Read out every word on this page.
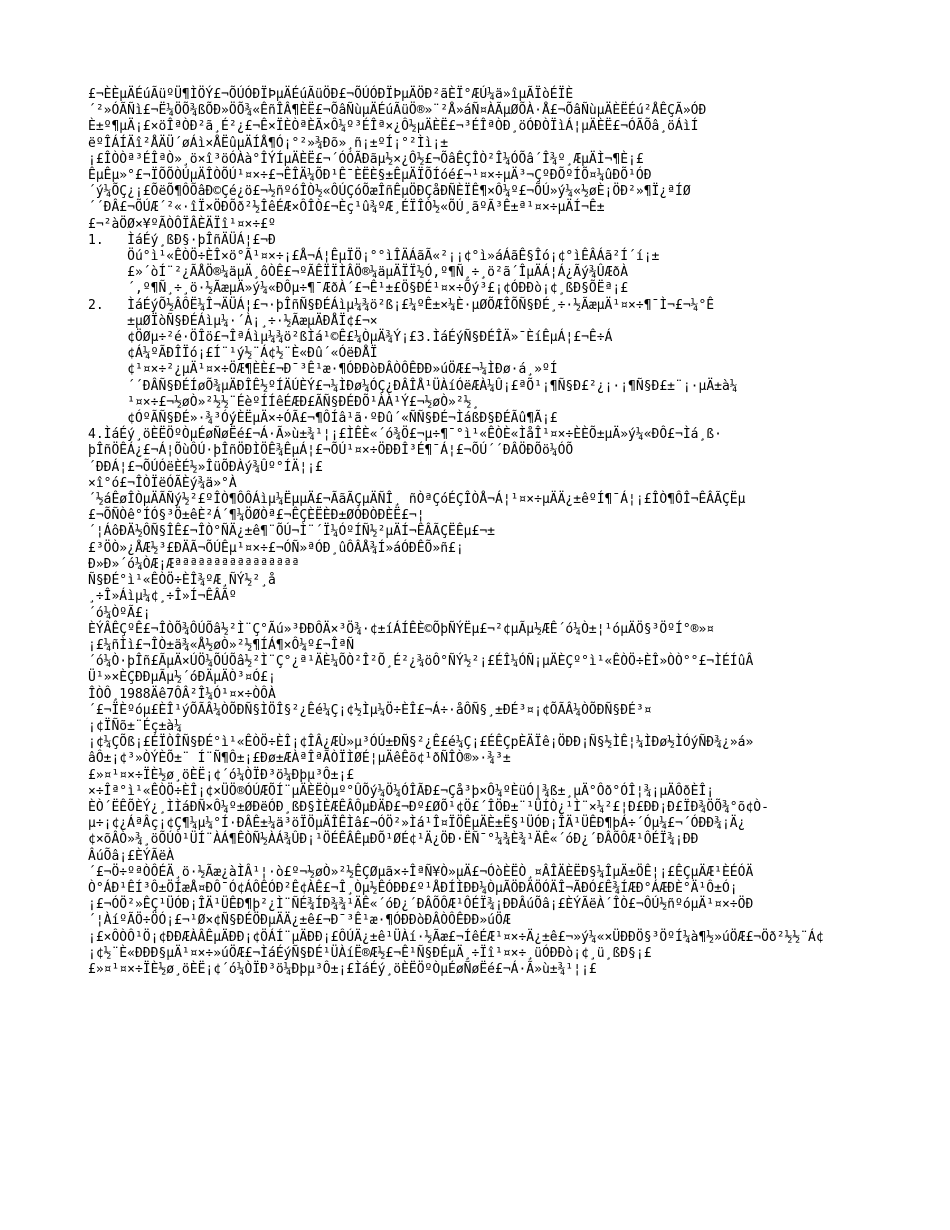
£¬ÈÈµÄÉúÃüºÜ¶ÌÖÝ£¬ÕÚÓÐÏÞµÄÉúÃüÖÐ£¬ÕÚÓÐÏÞµÄÖÐ²ãÈÏ°ÆÚ¼ä»îµÃÏòÉÏÈ
´²»ÓÃÑì£¬Ë¼ÖÕ¾ßÕÐ»ÖÕ¾«ÊñÎÂ¶ÈË£¬ÕâÑùµÄÉúÃüÖ®»¨²Å»áÑ¤ÀÃµØÕÀ·Å£¬ÕâÑùµÄÈËÉú²ÅÊÇÃ»ÓÐ
È±º¶µÄ¡£×öÎªÒÐ²ã¸É²¿£¬Ê×ÏÈÒªÈÃ×Ô¼º³ÉÎª×¿Ô½µÄÈË£¬³ÉÎªÒÐ¸öÓÐÒÏìÁ¦µÄÈË£¬ÓÃÕâ¸öÁìÍ
ëºÎÁÍÄî²ÅÄÜ´øÁì×ÅËûµÄÍÅ¶Ó¡°²»¾Ðõ»¸ñ¡±ºÍ¡°²Ìì¡±
¡£ÎÒÒª³ÉÎªÒ»¸ö×î³öÓÀà°ÎÝÍµÄÈË£¬´ÓÓÃÐãµ½×¿Ô½£¬ÕâÊÇÎÒ²Î¼ÓÕâ´Î¾º¸ÆµÄÌ¬¶È¡£
ÊµÊµ»°£¬ÏÕÕÒÚµÄÎÒÕÚ¹¤×÷£¬ÊÎÄ¼ÕÐ¹Ê¯ÈËÈ§±ÊµÄÏÕÍóé£¬¹¤×÷µÄ³¬ÇºÐÕºÍÕ¤¼ûÐÕ¹ÓÐ
´ý¼ÕÇ¿¡£ÕëÕ¶ÔÕâÐ©Çé¿ö£¬½ñºóÎÒ½«ÔÚÇóÕæÎñÊµÖÐÇåÐÑÈÏÊ¶×Ô¼º£¬ÕÚ»ý¼«½øÈ¡ÖÐ²»¶Ï¿ªÍØ
´´ÐÂ£¬ÕÚÆ´²«·îÏ×ÖÐÕð²½ÎêÉÆ×ÔÎÒ£¬Èç¹û¾ºÆ¸ÉÏÎÒ½«ÕÚ¸ãºÃ³Ê±ª¹¤×÷µÄÍ¬Ê±
£¬²àÖØ×¥ºÃÒÔÏÂÈÄÏî¹¤×÷£º
1.   ÌáÉý¸ßÐ§·þÎñÄÜÁ¦£¬Ð
Öú°ì¹«ÊÒÖ÷ÈÎ×ö°Ã¹¤×÷¡£Å¬Á¦ÊµÏÖ¡°°ìÎÄÁãÃ«²¡¡¢°ì»áÁãÊ§Îó¡¢°ìÊÂÁã²Í´í¡±
£»´òÍ¨²¿ÃÅÖ®¼äµÄ¸ôÒÊ£¬ºÃÊÏÏÌÂÖ®¼äµÄÏÏ½Ó,º¶Ñ¸÷¸ö²ã´ÎµÄÁ¦Á¿Ãý¾ÛÆðÀ
´,º¶Ñ¸÷¸ö·½ÃæµÄ»ý¼«ÐÔµ÷¶¯ÆðÀ´£¬Ê¹±£Ö§ÐÉ¹¤×÷Õý³£¡¢ÓÐÐò¡¢¸ßÐ§ÕËª¡£
2.   ÌáÉýÕ½ÂÔË¼Î¬ÄÜÁ¦£¬·þÎñÑ§ÐÉÁìµ¼¾ö²ß¡£¼ºÊ±×¼È·µØÕÆÎÕÑ§ÐÉ¸÷·½ÃæµÄ¹¤×÷¶¯Ì¬£¬¼°Ê
±µØÏòÑ§ÐÉÁìµ¼·´À¡¸÷·½ÃæµÄÐÅÏ¢£¬×
¢ÖØµ÷²é·ÖÎö£¬ÎªÁìµ¼¾ö²ßÌá¹©Ê£¼ÒµÄ¾Ý¡£3.ÌáÉýÑ§ÐÉÎÄ»¯ÈíÊµÁ¦£¬Ê÷Á
¢Á¼ºÃÐÎÏó¡£Í¨¹ý½¨Á¢½¨È«Ðû´«ÓëÐÅÏ
¢¹¤×÷²¿µÄ¹¤×÷ÖÆ¶ÈÈ£¬Ð¯³Ê¹æ·¶ÓÐÐòÐÂÒÔÊÐÐ»úÖÆ£¬¼ÌÐø·á¸»ºÍ
´´ÐÂÑ§ÐÉÍøÕ¾µÄÐÎÊ½ºÍÄÚÈÝ£¬¼ÌÐø¼ÓÇ¿ÐÂÎÅ¹ÜÀíÓëÆÀ¼Û¡£ªÕ¹¡¶Ñ§Ð£²¿¡·¡¶Ñ§Ð£±¨¡·µÄ±à¼
¹¤×÷£¬½øÒ»²½½¨ÉèºÍÍêÉÆÐ£ÃÑ§ÐÉÐÕ¹ÀÀ¹Ý£¬½øÒ»²½¸
¢ÓºÃÑ§ÐÉ»·¾³ÓýÈËµÄ×÷ÓÃ£¬¶ÔÍâ¹ã·ºÐû´«ÑÑ§ÐÉ¬ÌáßÐ§ÐÉÃû¶Ã¡£
4.ÌáÉý¸öÈËÖºÒµÉøÑøËé£¬Á·Ã»ù±¾¹¦¡£ÌÊÈ«´ó¾Ö£¬µ÷¶¯°ì¹«ÊÒÈ«ÌåÎ¹¤×÷ÈÈÕ±µÄ»ý¼«ÐÔ£¬Ìá¸ß·
þÎñÖÊÁ¿£¬Á¦ÕùÔÚ·þÎñÖÐÌÖÊ¾ÊµÁ¦£¬ÕÚ¹¤×÷ÖÐÐÎ³É¶¯Á¦£¬ÕÚ´´ÐÂÖÐÕö¼ÓÕ
´ÐÐÁ¦£¬ÕÚÓëÈÉ½»ÎüÕÐÀý¾Ûº°ÍÄ¦¡£
×î°ó£¬ÎÒÏëÓÃÈý¾ä»°À
´½áÊøÎÒµÄÃÑý½²£ºÎÒ¶ÔÔÁìµ¼ËµµÄ£¬ÃãÃÇµÄÑÎ¸ ñÒªÇóÉÇÎÒÅ¬Á¦¹¤×÷µÄÄ¿±êºÍ¶¯Á¦¡£ÎÒ¶ÔÎ¬ÊÂÃÇËµ
£¬ÕÑÒê°ÍÓ§³Ö±êÈ²Á´¶¼ÖØÒª£¬ÊÇÈËÈÐ±ØÓÐÒÐÈË£¬¦
´¦ÁôÐÄ½ÔÑ§ÎÊ£¬ÎÒ°ÑÄ¿±ê¶¨ÕÚ¬Ì¨´Ï¼ÓºÍÑ½²µÄÍ¬ÊÂÃÇËÊµ£¬±
£³ÖÒ»¿ÅÆ½³£ÐÄÃ¬ÕÚÊµ¹¤×÷£¬ÓÑ»ªÓÐ¸ûÔÂÅ¾Í»áÓÐÊÕ»ñ£¡
Ð»Ð»´ó¼ÒÆ¡Æªªªªªªªªªªªªªªªª
Ñ§ÐÉ°ì¹«ÊÒÖ÷ÈÎ¾ºÆ¸ÑÝ½²¸å
¸÷Î»Áìµ¼¢¸÷Î»Í¬ÊÂÃº
´ó¼ÒºÃ£¡
ÈÝÂÊÇºÊ£¬ÎÒÕ¾ÔÚÕâ½²Ì¨Ç°Ãú»³ÐÐÔÄ×³Ö¾·¢±íÁÍÊÈ©ÕþÑÝËµ£¬²¢µÃµ½ÆÊ´ó¼Ò±¦¹óµÄÖ§³ÖºÍ°®»¤
¡£¼ñÌì£¬ÎÒ±ä¾«Å½øÒ»²½¶ÍÁ¶×Ô¼º£¬ÎªÑ
´ó¼Ò·þÎñ£ÃµÄ×ÚÖ¼ÕÚÕâ½²Ì¨Ç°¿ª¹ÄÈ¼ÕÒ²Î²Õ¸É²¿¾öÔ°ÑÝ½²¡£ÉÎ¼ÓÑ¡µÄÈÇº°ì¹«ÊÒÖ÷ÈÎ»ÒÒ°°£¬ÌÉÍûÂ
Ü¹»×ÈÇÐÐµÃµ½´óÐÄµÄÒ³¤Ó£¡
ÎÒÔ¸1988Äê7ÔÂ²Î¼Ó¹¤×÷ÒÔÀ
´£¬ÏÈºóµ£ÈÎ¹ýÕÃÂ¼ÒÕÐÑ§ÌÖÎ§²¿Êé¼Ç¡¢½Ìµ¼Ö÷ÈÎ£¬Á÷·åÔÑ§¸±ÐÉ³¤¡¢ÕÃÂ¼ÒÕÐÑ§ÐÉ³¤
¡¢ÏÑõ±¨Éç±à¼
¡¢¼ÇÕß¡£ÉÏÒÎÑ§ÐÉ°ì¹«ÊÒÖ÷ÈÎ¡¢ÎÂ¿ÆÙ»µ³ÓÚ±ÐÑ§²¿Ê£é¼Ç¡£ÉÊÇpÈÄÏê¡ÖÐÐ¡Ñ§½ÌÊ¦¼ÌÐø½ÌÓýÑÐ¾¿»á»
âÔ±¡¢³»ÒÝÈÕ±¨ Í¨Ñ¶Ô±¡£Ðø±ÆÀªÎªÃÒÏÌØÉ¦µÄêÊõ¢¹ðÑÎÒ®»·¾³±
£»¤¹¤×÷ÏÈ½ø¸öÈË¡¢´ó¼ÒÏÐ³ö¼Ðþµ³Ô±¡£
×÷Îª°ì¹«ÊÒÖ÷ÈÎ¡¢×ÜÖ®ÓÚÆÕÍ¨µÄÈËÒµº°ÛÕý¼Ö¼ÓÎÃÐ£¬Çå³þ×Ô¼ºÈüÓ|¾ß±¸µÄ°Ôð°ÓÎ¦¾¡µÄÔðÈÎ¡
ÈÒ´ËÊÕÈÝ¿¸ÌÌáÐÑ×Ô¼º±ØÐëÓÐ¸ßÐ§ÌÈÆÊÂÔµÐÄÐ£¬Ðº£ØÕ¹¢Ö£´ÎÖÐ±¨¹ÜÍÒ¿¹Ì¨×¼²£¦Ð£ÐÐ¡Ð£ÏÐ¾ÖÕ¾°õ¢Ò-
µ÷¡¢¿ÁªÂç¡¢Ç¶¼µ¼°Í·ÐÂÊ±¼ä³öÏÖµÄÎÊÌâ£¬ÓÖ²»Ìá¹Î¤ÏÖÊµÄÈ±Ë§¹ÜÓÐ¡ÎÄ¹ÜÊÐ¶þÁ÷´Óµ¼£¬´ÓÐÐ¾¡Ä¿
¢×õÂÒ»¾¸öÕÚÒ¹ÜÍ¨ÀÁ¶ÊÒÑ½ÀÁ¾ÛÐ¡¹ÖÉÊÂÊµÐÕ¹ØÉ¢¹Ä¿ÖÐ·ËÑ¯°¼¾È¾¹ÄÊ«´óÐ¿´ÐÂÕÔÆ¹ÔÉÏ¾¡ÐÐ
ÂúÕâ¡£ÈÝÃëÀ
´£¬Ö÷ºªÒÔÉÄ¸ö·½Ãæ¿àÌÂ¹¦·ò£º¬½øÒ»²½ÊÇØµã×÷ÎªÑ¥Ò»µÄ£¬ÓòÈËÒ¸¤ÂÎÄÈËÐ§¼ÎµÄ±ÖÊ¦¡£ÊÇµÄÆ¹ÈÉÓÄ
Ò°ÁÐ¹ÊÍ³Ô±ÖÍæÅ¤ÐÔ¯Ó¢ÁÔÊÓÐ²Ê¢ÀÊ£¬Î¸Òµ½ÊÓÐÐ£º¹ÅÐÍÌÐÐ¼ÒµÃÖÐÄÖÓÄÎ¬ÃÐÓ£Ê¾ÍÆÐ°ÁÆÐÈ°Ä¹Ô±Ó¡
¡£¬ÓÖ²»ÊÇ¹ÜÓÐ¡ÎÄ¹ÜÊÐ¶þ²¿Ì¨ÑÉ¾ÍÐ¾¾¹ÄÊ«´óÐ¿´ÐÂÕÔÆ¹ÔÉÏ¾¡ÐÐÂúÕâ¡£ÈÝÃëÀ´ÎÒ£¬ÔÚ½ñºóµÄ¹¤×÷ÖÐ
´¦ÀíºÃÖ÷ÖÓ¡£¬¹Ø×¢Ñ§ÐÉÖÐµÄÄ¿±ê£¬Ð¯³Ê¹æ·¶ÓÐÐòÐÂÒÔÊÐÐ»úÖÆ
¡£×ÔÒÔ¹Ö¡¢ÐÐÆÀÂÊµÄÐÐ¡¢ÖÁÍ¨µÄÐÐ¡£ÔÚÄ¿±ê¹ÜÀí·½Ãæ£¬ÍêÉÆ¹¤×÷Ä¿±ê£¬»ý¼«×ÜÐÐÖ§³ÖºÍ¼à¶½»úÖÆ£¬Öð²½½¨Á¢
¡¢½¨È«ÐÐÐ§µÄ¹¤×÷»úÖÆ£¬ÌáÉýÑ§ÐÉ¹ÜÀíË®Æ½£¬Ê¹Ñ§ÐÉµÄ¸÷Ïî¹¤×÷¸üÓÐÐò¡¢¸ü¸ßÐ§¡£
£»¤¹¤×÷ÏÈ½ø¸öÈË¡¢´ó¼ÒÏÐ³ö¼Ðþµ³Ô±¡£ÌáÉý¸öÈËÖºÒµÉøÑøËé£¬Á·Ã»ù±¾¹¦¡£
